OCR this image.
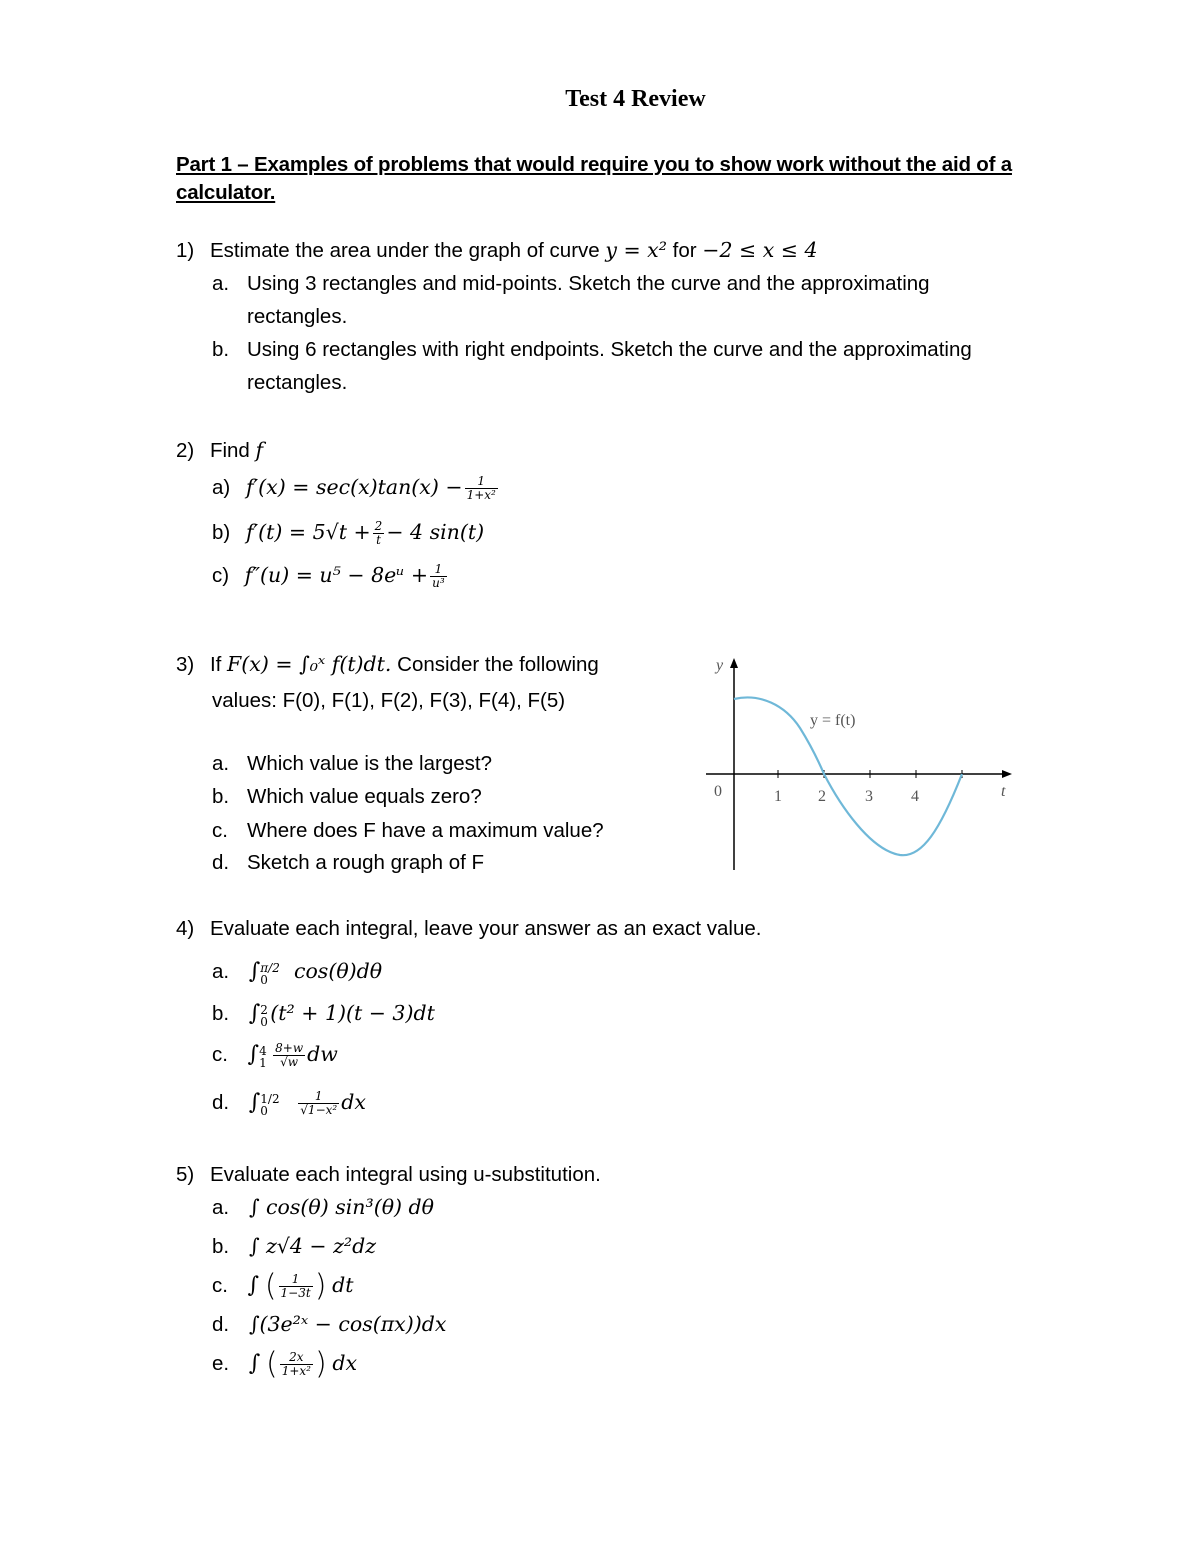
Test 4 Review
Part 1 – Examples of problems that would require you to show work without the aid of a calculator.
1) Estimate the area under the graph of curve y = x² for −2 ≤ x ≤ 4
a. Using 3 rectangles and mid-points. Sketch the curve and the approximating
rectangles.
b. Using 6 rectangles with right endpoints. Sketch the curve and the approximating
rectangles.
2) Find f
a) $f'(x) = \sec(x)\tan(x) - \frac{1}{\text{1+x²}}$
b) $f'(t) = 5√t + \frac{2}{t} - 4$ sin(t)
c) f″(u) = u⁵ − 8eᵘ + $\frac{1}{\text{u³}}$
3) If F(x) = ∫₀ˣ f(t)dt. Consider the following
values: F(0), F(1), F(2), F(3), F(4), F(5)
a. Which value is the largest?
b. Which value equals zero?
c. Where does F have a maximum value?
d. Sketch a rough graph of F
y
t
y = f(t)
0	1 2 3 4
4) Evaluate each integral, leave your answer as an exact value.
a. ∫ π/2
0 cos(θ)dθ
b. ∫ 2
0 (t² + 1)(t − 3)dt
c. ∫ 4
$1 \frac{8+w}{√w}$ dw
d. ∫ 1/2
0	$\frac{1}{\text{√1−x²}}$ dx
5) Evaluate each integral using u-substitution.
a. ∫ cos(θ) sin³(θ) dθ
b. ∫ z√4 − z²dz
c. ∫ ( $\frac{1}{1-3t}$ ) dt
d. ∫(3e²ˣ − cos(πx))dx
e. ∫ ( $\frac{2x}{\text{1+x²}}$ ) dx
